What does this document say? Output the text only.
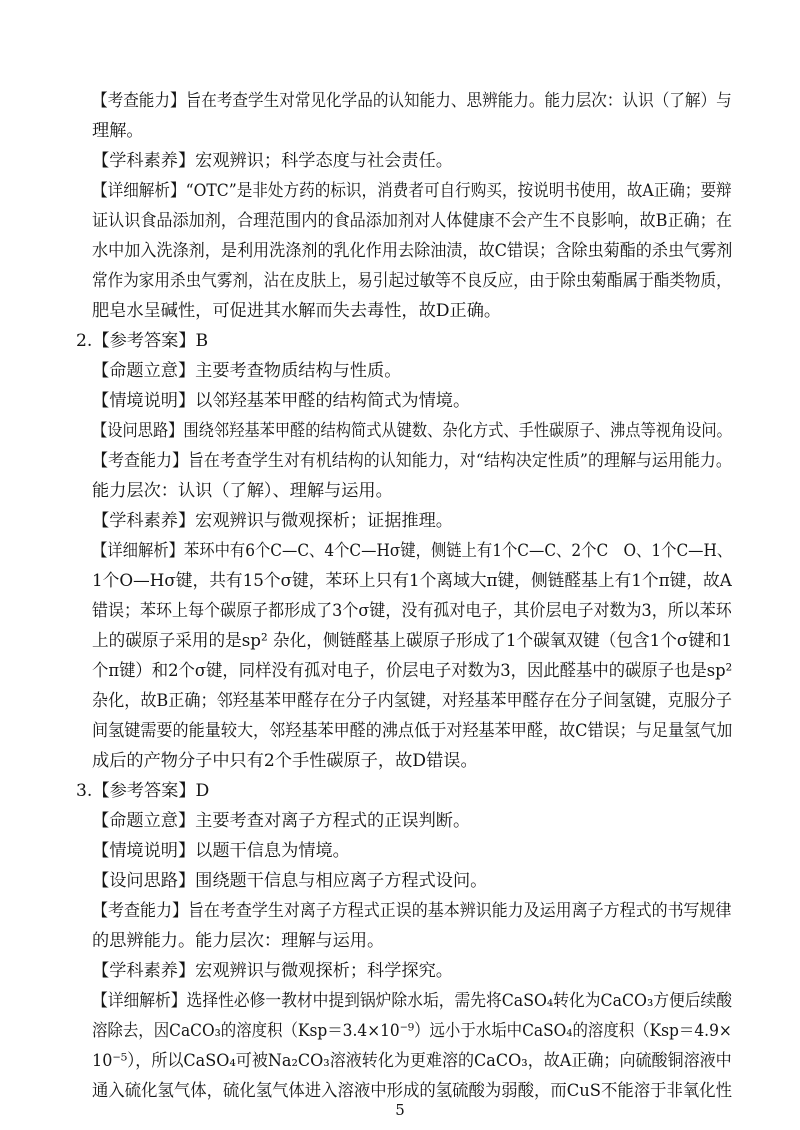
【考查能力】旨在考查学生对常见化学品的认知能力、思辨能力。能力层次：认识（了解）与
理解。
【学科素养】宏观辨识；科学态度与社会责任。
【详细解析】“OTC”是非处方药的标识，消费者可自行购买，按说明书使用，故A正确；要辩
证认识食品添加剂，合理范围内的食品添加剂对人体健康不会产生不良影响，故B正确；在
水中加入洗涤剂，是利用洗涤剂的乳化作用去除油渍，故C错误；含除虫菊酯的杀虫气雾剂
常作为家用杀虫气雾剂，沾在皮肤上，易引起过敏等不良反应，由于除虫菊酯属于酯类物质，
肥皂水呈碱性，可促进其水解而失去毒性，故D正确。
2.【参考答案】B
【命题立意】主要考查物质结构与性质。
【情境说明】以邻羟基苯甲醛的结构简式为情境。
【设问思路】围绕邻羟基苯甲醛的结构简式从键数、杂化方式、手性碳原子、沸点等视角设问。
【考查能力】旨在考查学生对有机结构的认知能力，对“结构决定性质”的理解与运用能力。
能力层次：认识（了解）、理解与运用。
【学科素养】宏观辨识与微观探析；证据推理。
【详细解析】苯环中有6个C—C、4个C—Hσ键，侧链上有1个C—C、2个C　O、1个C—H、
1个O—Hσ键，共有15个σ键，苯环上只有1个离域大π键，侧链醛基上有1个π键，故A
错误；苯环上每个碳原子都形成了3个σ键，没有孤对电子，其价层电子对数为3，所以苯环
上的碳原子采用的是sp² 杂化，侧链醛基上碳原子形成了1个碳氧双键（包含1个σ键和1
个π键）和2个σ键，同样没有孤对电子，价层电子对数为3，因此醛基中的碳原子也是sp²
杂化，故B正确；邻羟基苯甲醛存在分子内氢键，对羟基苯甲醛存在分子间氢键，克服分子
间氢键需要的能量较大，邻羟基苯甲醛的沸点低于对羟基苯甲醛，故C错误；与足量氢气加
成后的产物分子中只有2个手性碳原子，故D错误。
3.【参考答案】D
【命题立意】主要考查对离子方程式的正误判断。
【情境说明】以题干信息为情境。
【设问思路】围绕题干信息与相应离子方程式设问。
【考查能力】旨在考查学生对离子方程式正误的基本辨识能力及运用离子方程式的书写规律
的思辨能力。能力层次：理解与运用。
【学科素养】宏观辨识与微观探析；科学探究。
【详细解析】选择性必修一教材中提到锅炉除水垢，需先将CaSO₄转化为CaCO₃方便后续酸
溶除去，因CaCO₃的溶度积（Ksp＝3.4×10⁻⁹）远小于水垢中CaSO₄的溶度积（Ksp＝4.9×
10⁻⁵），所以CaSO₄可被Na₂CO₃溶液转化为更难溶的CaCO₃，故A正确；向硫酸铜溶液中
通入硫化氢气体，硫化氢气体进入溶液中形成的氢硫酸为弱酸，而CuS不能溶于非氧化性
5
